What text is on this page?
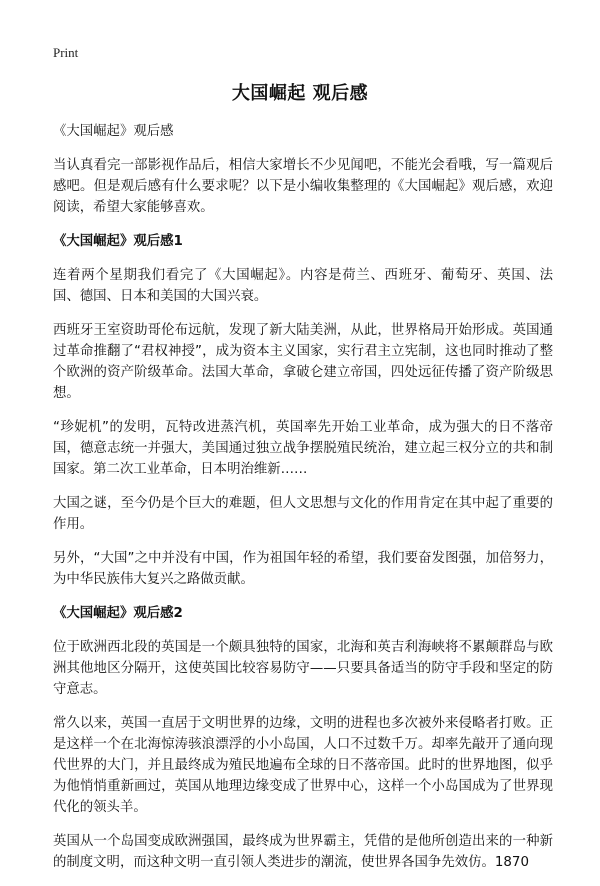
Print
大国崛起 观后感
《大国崛起》观后感
当认真看完一部影视作品后，相信大家增长不少见闻吧，不能光会看哦，写一篇观后感吧。但是观后感有什么要求呢？以下是小编收集整理的《大国崛起》观后感，欢迎阅读，希望大家能够喜欢。
《大国崛起》观后感1
连着两个星期我们看完了《大国崛起》。内容是荷兰、西班牙、葡萄牙、英国、法国、德国、日本和美国的大国兴衰。
西班牙王室资助哥伦布远航，发现了新大陆美洲，从此，世界格局开始形成。英国通过革命推翻了“君权神授”，成为资本主义国家，实行君主立宪制，这也同时推动了整个欧洲的资产阶级革命。法国大革命，拿破仑建立帝国，四处远征传播了资产阶级思想。
“珍妮机”的发明，瓦特改进蒸汽机，英国率先开始工业革命，成为强大的日不落帝国，德意志统一并强大，美国通过独立战争摆脱殖民统治，建立起三权分立的共和制国家。第二次工业革命，日本明治维新……
大国之谜，至今仍是个巨大的难题，但人文思想与文化的作用肯定在其中起了重要的作用。
另外，“大国”之中并没有中国，作为祖国年轻的希望，我们要奋发图强，加倍努力，为中华民族伟大复兴之路做贡献。
《大国崛起》观后感2
位于欧洲西北段的英国是一个颇具独特的国家，北海和英吉利海峡将不累颠群岛与欧洲其他地区分隔开，这使英国比较容易防守——只要具备适当的防守手段和坚定的防守意志。
常久以来，英国一直居于文明世界的边缘，文明的进程也多次被外来侵略者打败。正是这样一个在北海惊涛骇浪漂浮的小小岛国，人口不过数千万。却率先敲开了通向现代世界的大门，并且最终成为殖民地遍布全球的日不落帝国。此时的世界地图，似乎为他悄悄重新画过，英国从地理边缘变成了世界中心，这样一个小岛国成为了世界现代化的领头羊。
英国从一个岛国变成欧洲强国，最终成为世界霸主，凭借的是他所创造出来的一种新的制度文明，而这种文明一直引领人类进步的潮流，使世界各国争先效仿。1870
